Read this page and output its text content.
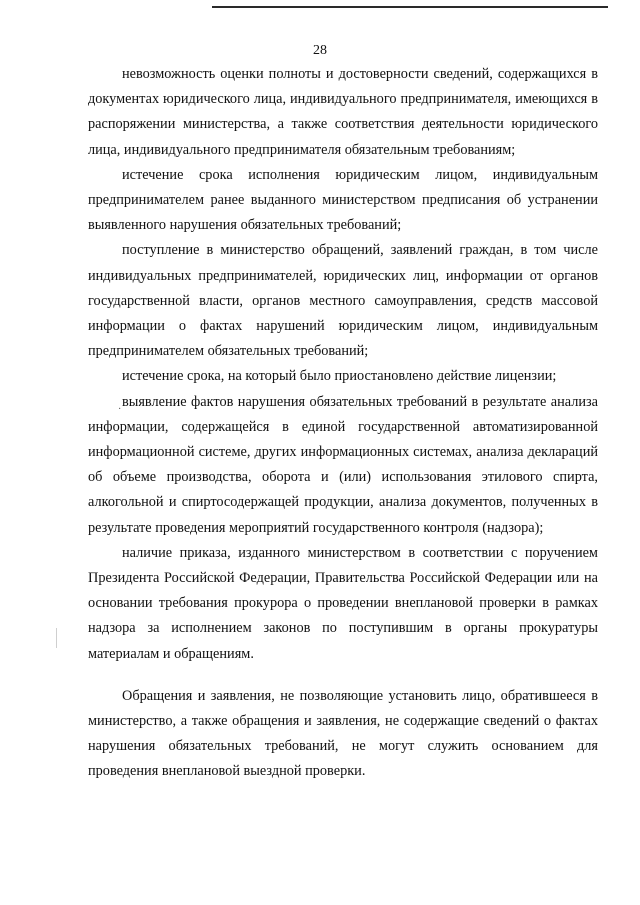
28

невозможность оценки полноты и достоверности сведений, содержащихся в документах юридического лица, индивидуального предпринимателя, имеющихся в распоряжении министерства, а также соответствия деятельности юридического лица, индивидуального предпринимателя обязательным требованиям;

истечение срока исполнения юридическим лицом, индивидуальным предпринимателем ранее выданного министерством предписания об устранении выявленного нарушения обязательных требований;

поступление в министерство обращений, заявлений граждан, в том числе индивидуальных предпринимателей, юридических лиц, информации от органов государственной власти, органов местного самоуправления, средств массовой информации о фактах нарушений юридическим лицом, индивидуальным предпринимателем обязательных требований;

истечение срока, на который было приостановлено действие лицензии;

выявление фактов нарушения обязательных требований в результате анализа информации, содержащейся в единой государственной автоматизированной информационной системе, других информационных системах, анализа деклараций об объеме производства, оборота и (или) использования этилового спирта, алкогольной и спиртосодержащей продукции, анализа документов, полученных в результате проведения мероприятий государственного контроля (надзора);

наличие приказа, изданного министерством в соответствии с поручением Президента Российской Федерации, Правительства Российской Федерации или на основании требования прокурора о проведении внеплановой проверки в рамках надзора за исполнением законов по поступившим в органы прокуратуры материалам и обращениям.

Обращения и заявления, не позволяющие установить лицо, обратившееся в министерство, а также обращения и заявления, не содержащие сведений о фактах нарушения обязательных требований, не могут служить основанием для проведения внеплановой выездной проверки.

·
